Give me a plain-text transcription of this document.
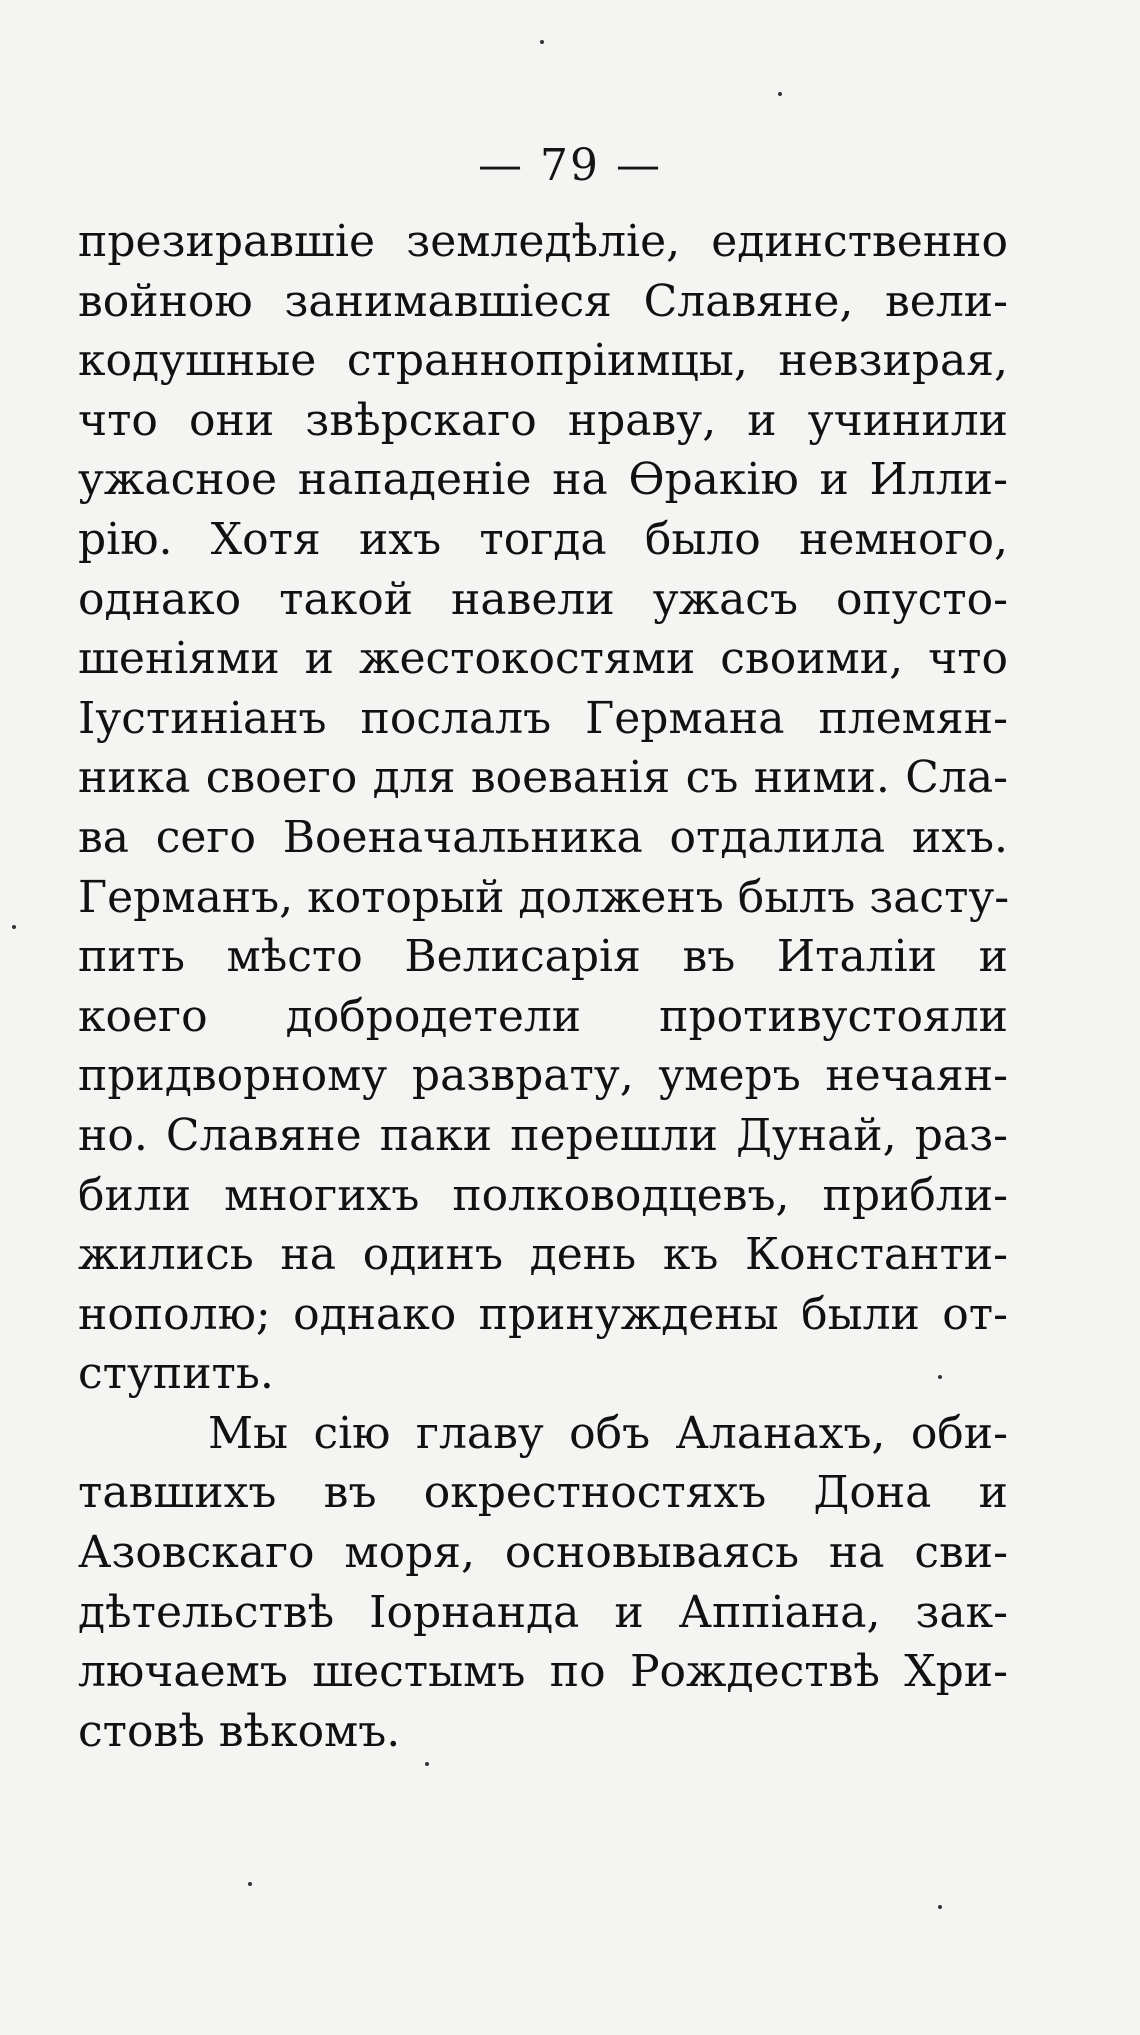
— 79 —
презиравшіе земледѣліе, единственно
войною занимавшіеся Славяне, вели-
кодушные страннопріимцы, невзирая,
что они звѣрскаго нраву, и учинили
ужасное нападеніе на Ѳракію и Илли-
рію. Хотя ихъ тогда было немного,
однако такой навели ужасъ опусто-
шеніями и жестокостями своими, что
Іустиніанъ послалъ Германа племян-
ника своего для воеванія съ ними. Сла-
ва сего Военачальника отдалила ихъ.
Германъ, который долженъ былъ засту-
пить мѣсто Велисарія въ Италіи и
коего добродетели противустояли
придворному разврату, умеръ нечаян-
но. Славяне паки перешли Дунай, раз-
били многихъ полководцевъ, прибли-
жились на одинъ день къ Константи-
нополю; однако принуждены были от-
ступить.
Мы сію главу объ Аланахъ, оби-
тавшихъ въ окрестностяхъ Дона и
Азовскаго моря, основываясь на сви-
дѣтельствѣ Іорнанда и Аппіана, зак-
лючаемъ шестымъ по Рождествѣ Хри-
стовѣ вѣкомъ.
